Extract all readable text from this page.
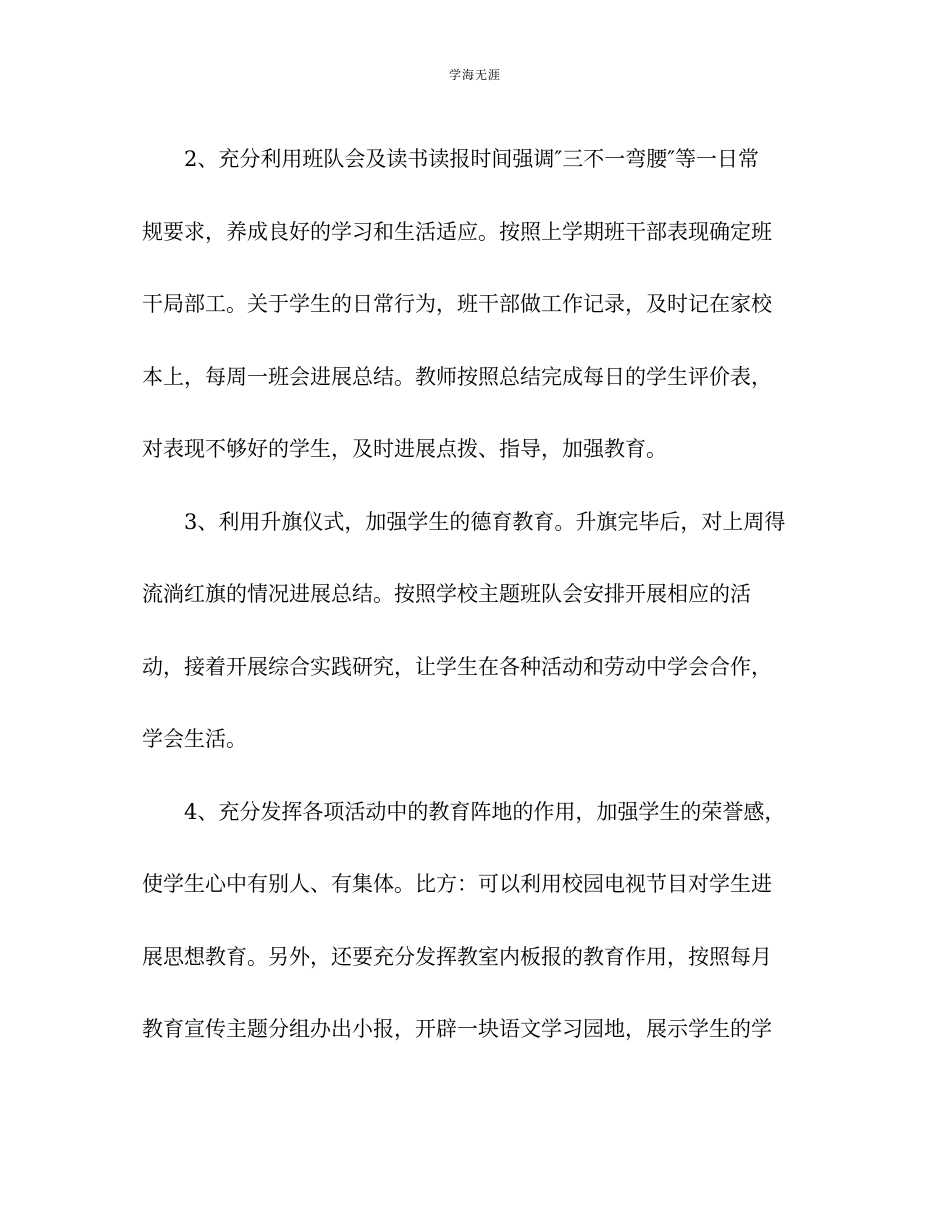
学海无涯
2、充分利用班队会及读书读报时间强调″三不一弯腰″等一日常
规要求，养成良好的学习和生活适应。按照上学期班干部表现确定班
干局部工。关于学生的日常行为，班干部做工作记录，及时记在家校
本上，每周一班会进展总结。教师按照总结完成每日的学生评价表，
对表现不够好的学生，及时进展点拨、指导，加强教育。
3、利用升旗仪式，加强学生的德育教育。升旗完毕后，对上周得
流淌红旗的情况进展总结。按照学校主题班队会安排开展相应的活
动，接着开展综合实践研究，让学生在各种活动和劳动中学会合作，
学会生活。
4、充分发挥各项活动中的教育阵地的作用，加强学生的荣誉感，
使学生心中有别人、有集体。比方：可以利用校园电视节目对学生进
展思想教育。另外，还要充分发挥教室内板报的教育作用，按照每月
教育宣传主题分组办出小报，开辟一块语文学习园地，展示学生的学
